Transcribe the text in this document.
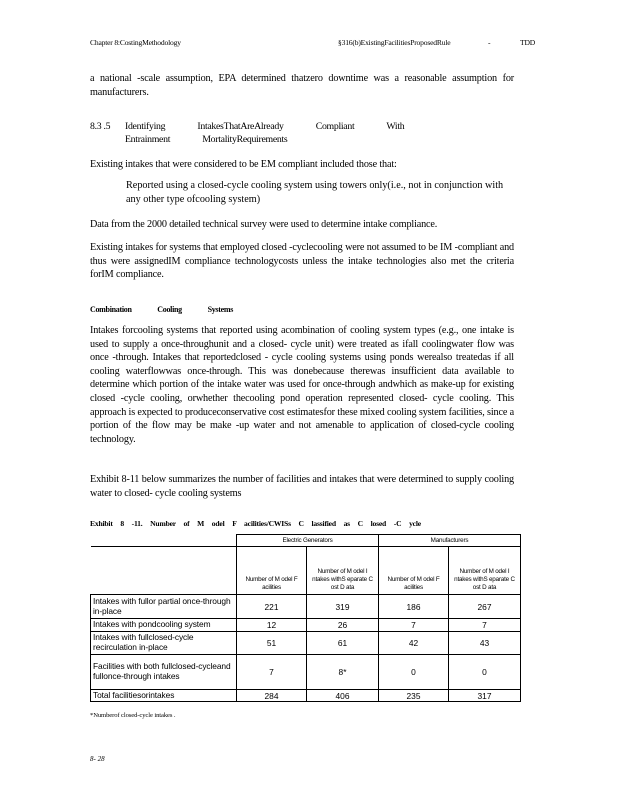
Chapter 8:CostingMethodology	§316(b)ExistingFacilitiesProposedRule	-	TDD
a national -scale assumption, EPA determined thatzero downtime was a reasonable assumption for manufacturers.
8.3 .5 Identifying IntakesThatAreAlready Compliant With
Entrainment MortalityRequirements
Existing intakes that were considered to be EM compliant included those that:
Reported using a closed-cycle cooling system using towers only(i.e., not in conjunction with any other type ofcooling system)
Data from the 2000 detailed technical survey were used to determine intake compliance.
Existing intakes for systems that employed closed -cyclecooling were not assumed to be IM -compliant and thus were assignedIM compliance technologycosts unless the intake technologies also met the criteria forIM compliance.
Combination Cooling Systems
Intakes forcooling systems that reported using acombination of cooling system types (e.g., one intake is used to supply a once-throughunit and a closed- cycle unit) were treated as ifall coolingwater flow was once -through. Intakes that reportedclosed - cycle cooling systems using ponds werealso treatedas if all cooling waterflowwas once-through. This was donebecause therewas insufficient data available to determine which portion of the intake water was used for once-through andwhich as make-up for existing closed -cycle cooling, orwhether thecooling pond operation represented closed- cycle cooling. This approach is expected to produceconservative cost estimatesfor these mixed cooling system facilities, since a portion of the flow may be make -up water and not amenable to application of closed-cycle cooling technology.
Exhibit 8-11 below summarizes the number of facilities and intakes that were determined to supply cooling water to closed- cycle cooling systems
Exhibit 8 -11. Number of M odel F acilities/CWISs C lassified as C losed -C ycle
	Electric Generators		Manufacturers	
	Number of M odel F acilities	Number of M odel I ntakes withS eparate C ost D ata	Number of M odel F acilities	Number of M odel I ntakes withS eparate C ost D ata
Intakes with fullor partial once-through in-place	221	319	186	267
Intakes with pondcooling system	12	26	7	7
Intakes with fullclosed-cycle recirculation in-place	51	61	42	43
Facilities with both fullclosed-cycleand fullonce-through intakes	7	8*	0	0
Total facilitiesorintakes	284	406	235	317
*Numberof closed-cycle intakes .
8- 28
